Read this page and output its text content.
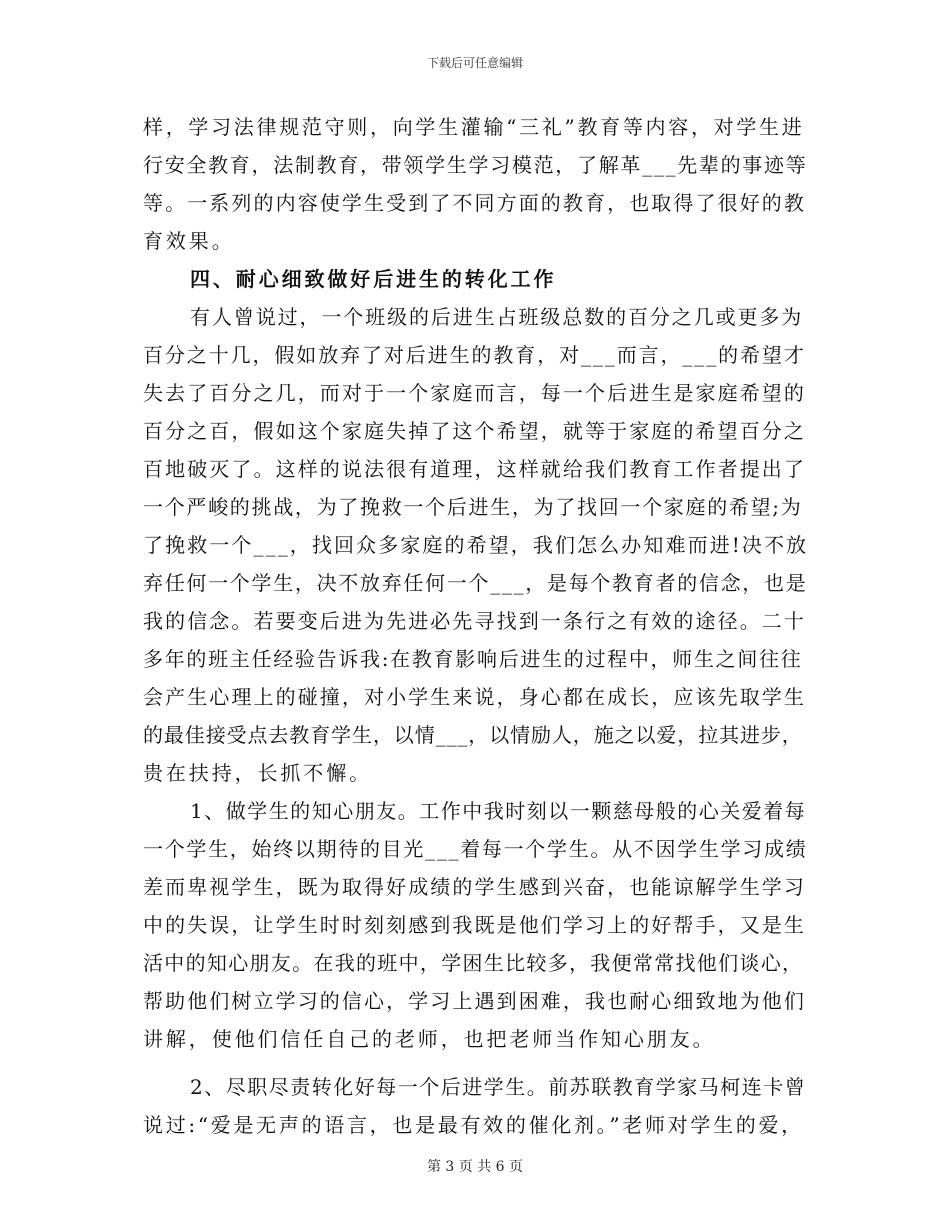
下载后可任意编辑
样，学习法律规范守则，向学生灌输“三礼”教育等内容，对学生进
行安全教育，法制教育，带领学生学习模范，了解革___先辈的事迹等
等。一系列的内容使学生受到了不同方面的教育，也取得了很好的教
育效果。
四、耐心细致做好后进生的转化工作
有人曾说过，一个班级的后进生占班级总数的百分之几或更多为
百分之十几，假如放弃了对后进生的教育，对___而言，___的希望才
失去了百分之几，而对于一个家庭而言，每一个后进生是家庭希望的
百分之百，假如这个家庭失掉了这个希望，就等于家庭的希望百分之
百地破灭了。这样的说法很有道理，这样就给我们教育工作者提出了
一个严峻的挑战，为了挽救一个后进生，为了找回一个家庭的希望;为
了挽救一个___，找回众多家庭的希望，我们怎么办知难而进!决不放
弃任何一个学生，决不放弃任何一个___，是每个教育者的信念，也是
我的信念。若要变后进为先进必先寻找到一条行之有效的途径。二十
多年的班主任经验告诉我:在教育影响后进生的过程中，师生之间往往
会产生心理上的碰撞，对小学生来说，身心都在成长，应该先取学生
的最佳接受点去教育学生，以情___，以情励人，施之以爱，拉其进步，
贵在扶持，长抓不懈。
1、做学生的知心朋友。工作中我时刻以一颗慈母般的心关爱着每
一个学生，始终以期待的目光___着每一个学生。从不因学生学习成绩
差而卑视学生，既为取得好成绩的学生感到兴奋，也能谅解学生学习
中的失误，让学生时时刻刻感到我既是他们学习上的好帮手，又是生
活中的知心朋友。在我的班中，学困生比较多，我便常常找他们谈心，
帮助他们树立学习的信心，学习上遇到困难，我也耐心细致地为他们
讲解，使他们信任自己的老师，也把老师当作知心朋友。
2、尽职尽责转化好每一个后进学生。前苏联教育学家马柯连卡曾
说过:“爱是无声的语言，也是最有效的催化剂。”老师对学生的爱，
第 3 页 共 6 页
